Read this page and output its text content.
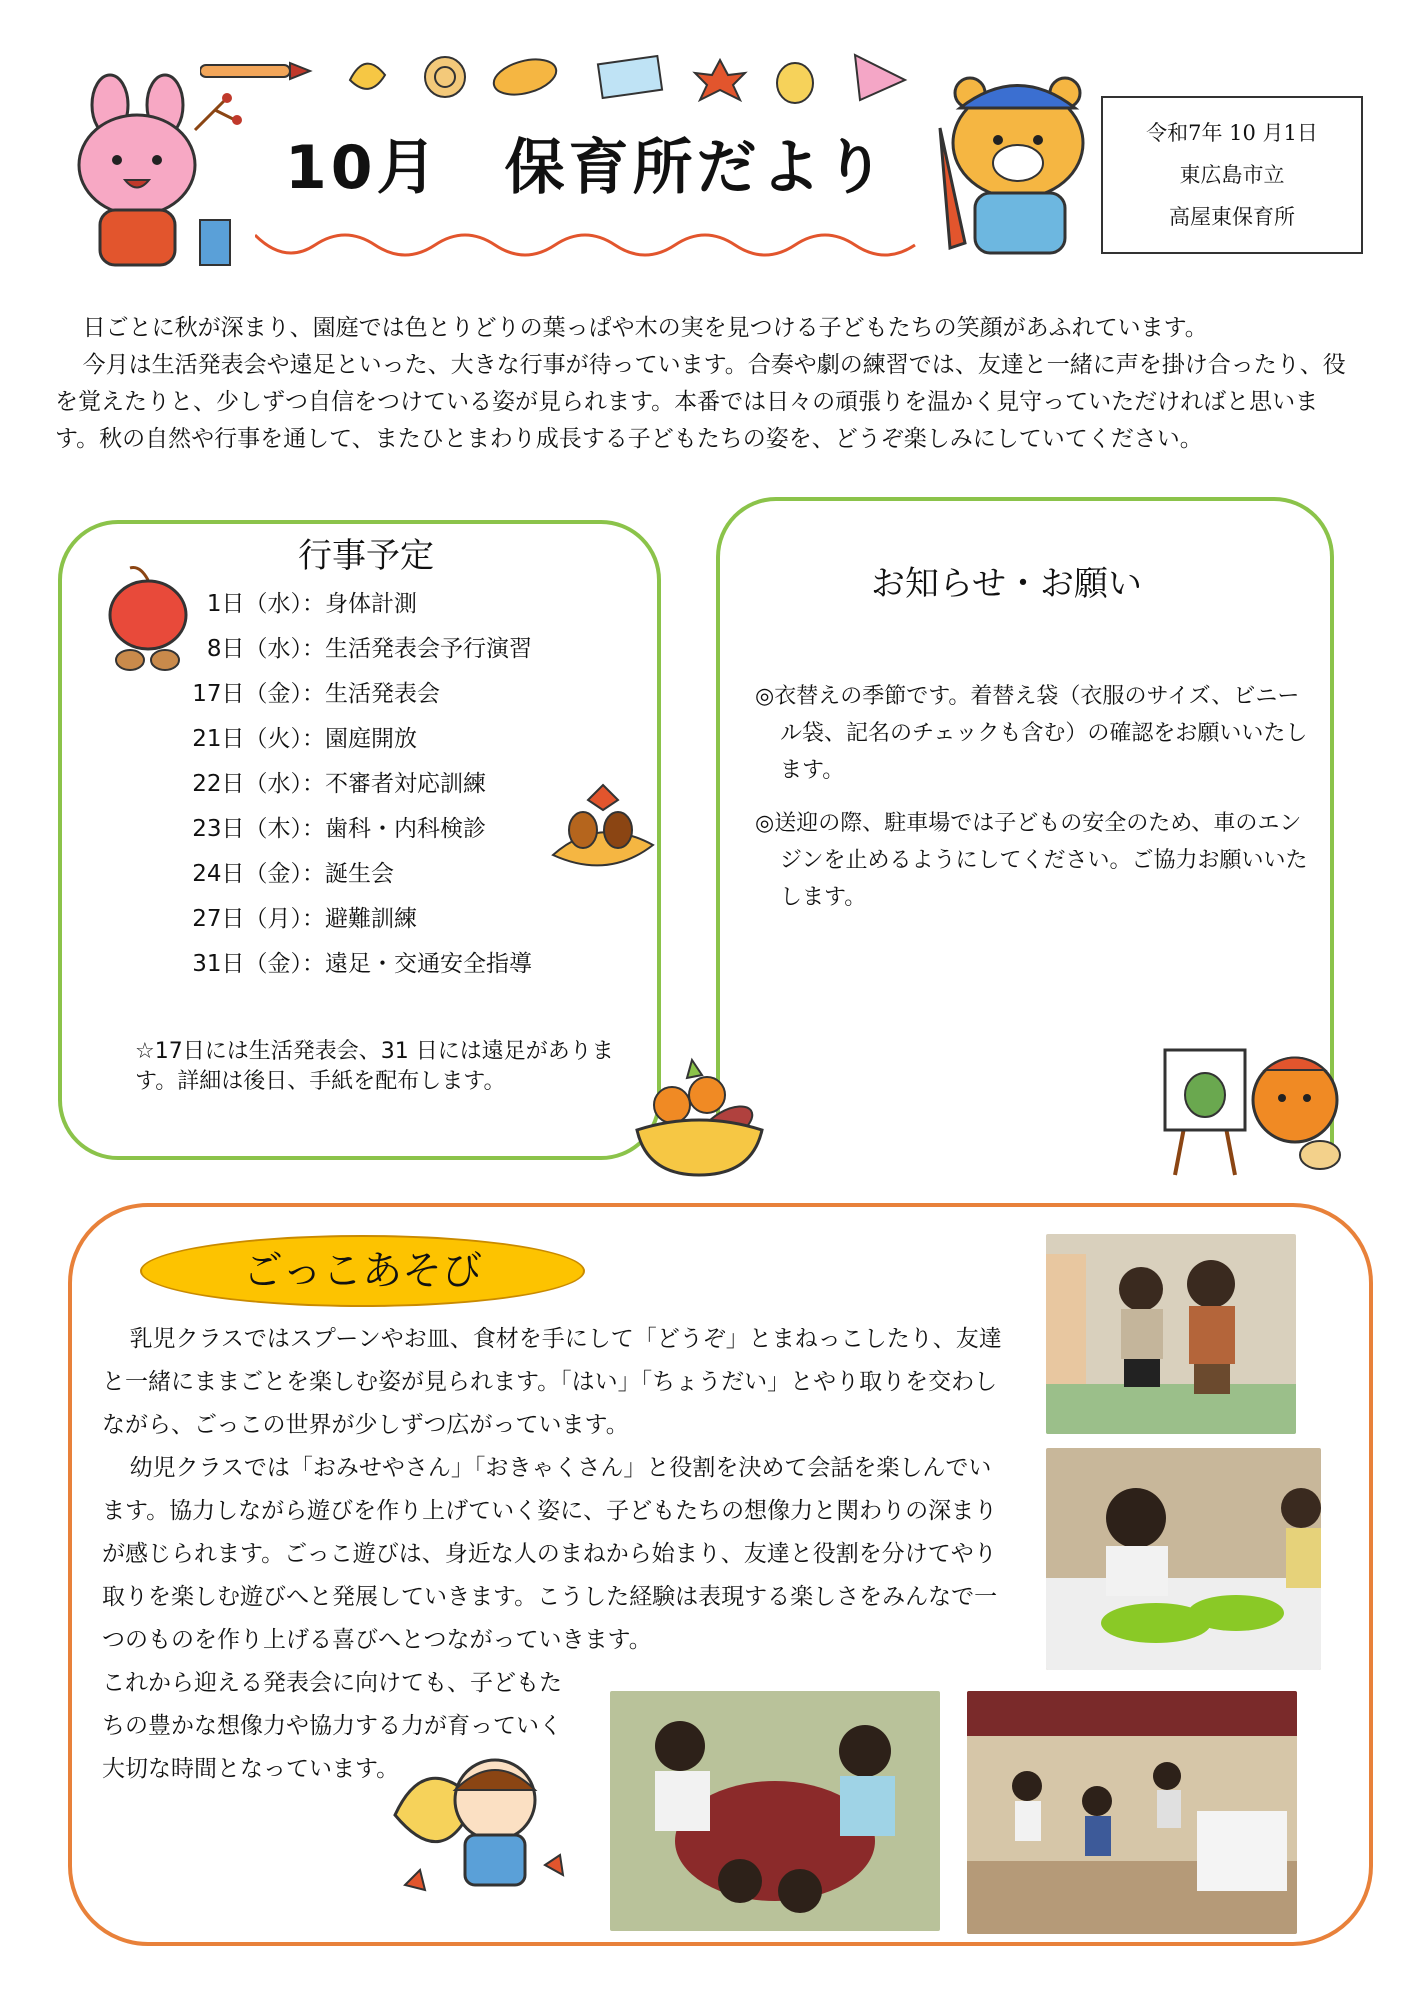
10月　保育所だより	令和7年 10 月1日
東広島市立
高屋東保育所

日ごとに秋が深まり、園庭では色とりどりの葉っぱや木の実を見つける子どもたちの笑顔があふれています。

今月は生活発表会や遠足といった、大きな行事が待っています。合奏や劇の練習では、友達と一緒に声を掛け合ったり、役を覚えたりと、少しずつ自信をつけている姿が見られます。本番では日々の頑張りを温かく見守っていただければと思います。秋の自然や行事を通して、またひとまわり成長する子どもたちの姿を、どうぞ楽しみにしていてください。

行事予定
1日（水）：身体計測
8日（水）：生活発表会予行演習
17日（金）：生活発表会
21日（火）：園庭開放
22日（水）：不審者対応訓練
23日（木）：歯科・内科検診
24日（金）：誕生会
27日（月）：避難訓練
31日（金）：遠足・交通安全指導
☆17日には生活発表会、31 日には遠足があります。詳細は後日、手紙を配布します。
お知らせ・お願い
◎衣替えの季節です。着替え袋（衣服のサイズ、ビニール袋、記名のチェックも含む）の確認をお願いいたします。
◎送迎の際、駐車場では子どもの安全のため、車のエンジンを止めるようにしてください。ご協力お願いいたします。
ごっこあそび

乳児クラスではスプーンやお皿、食材を手にして「どうぞ」とまねっこしたり、友達と一緒にままごとを楽しむ姿が見られます。「はい」「ちょうだい」とやり取りを交わしながら、ごっこの世界が少しずつ広がっています。

幼児クラスでは「おみせやさん」「おきゃくさん」と役割を決めて会話を楽しんでいます。協力しながら遊びを作り上げていく姿に、子どもたちの想像力と関わりの深まりが感じられます。ごっこ遊びは、身近な人のまねから始まり、友達と役割を分けてやり取りを楽しむ遊びへと発展していきます。こうした経験は表現する楽しさをみんなで一つのものを作り上げる喜びへとつながっていきます。

これから迎える発表会に向けても、子どもたちの豊かな想像力や協力する力が育っていく大切な時間となっています。
